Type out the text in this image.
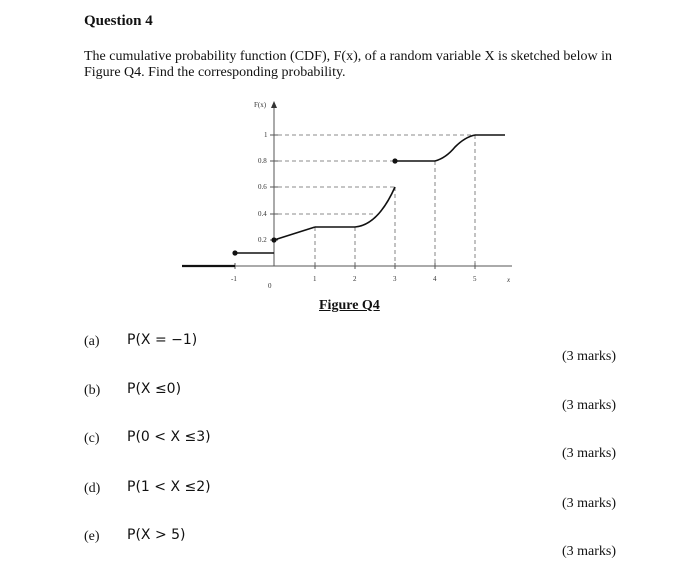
Question 4
The cumulative probability function (CDF), F(x), of a random variable X is sketched below in Figure Q4. Find the corresponding probability.
F(x)
x
-1
0
1	2	3	4	5
0.2
0.4
0.6
0.8
1
Figure Q4
(a) P(X = −1)
(3 marks)
(b) P(X ≤0)
(3 marks)
(c) P(0 < X ≤3)
(3 marks)
(d) P(1 < X ≤2)
(3 marks)
(e) P(X > 5)
(3 marks)
